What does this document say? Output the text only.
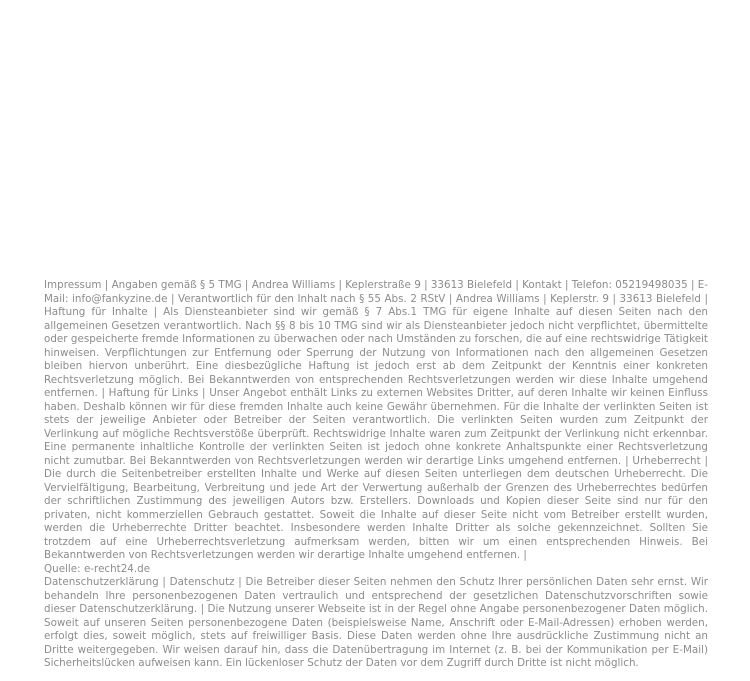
Impressum | Angaben gemäß § 5 TMG | Andrea Williams | Keplerstraße 9 | 33613 Bielefeld | Kontakt | Telefon: 05219498035 | E-Mail: info@fankyzine.de | Verantwortlich für den Inhalt nach § 55 Abs. 2 RStV | Andrea Williams | Keplerstr. 9 | 33613 Bielefeld | Haftung für Inhalte | Als Diensteanbieter sind wir gemäß § 7 Abs.1 TMG für eigene Inhalte auf diesen Seiten nach den allgemeinen Gesetzen verantwortlich. Nach §§ 8 bis 10 TMG sind wir als Diensteanbieter jedoch nicht verpflichtet, übermittelte oder gespeicherte fremde Informationen zu überwachen oder nach Umständen zu forschen, die auf eine rechtswidrige Tätigkeit hinweisen. Verpflichtungen zur Entfernung oder Sperrung der Nutzung von Informationen nach den allgemeinen Gesetzen bleiben hiervon unberührt. Eine diesbezügliche Haftung ist jedoch erst ab dem Zeitpunkt der Kenntnis einer konkreten Rechtsverletzung möglich. Bei Bekanntwerden von entsprechenden Rechtsverletzungen werden wir diese Inhalte umgehend entfernen. | Haftung für Links | Unser Angebot enthält Links zu externen Websites Dritter, auf deren Inhalte wir keinen Einfluss haben. Deshalb können wir für diese fremden Inhalte auch keine Gewähr übernehmen. Für die Inhalte der verlinkten Seiten ist stets der jeweilige Anbieter oder Betreiber der Seiten verantwortlich. Die verlinkten Seiten wurden zum Zeitpunkt der Verlinkung auf mögliche Rechtsverstöße überprüft. Rechtswidrige Inhalte waren zum Zeitpunkt der Verlinkung nicht erkennbar. Eine permanente inhaltliche Kontrolle der verlinkten Seiten ist jedoch ohne konkrete Anhaltspunkte einer Rechtsverletzung nicht zumutbar. Bei Bekanntwerden von Rechtsverletzungen werden wir derartige Links umgehend entfernen. | Urheberrecht | Die durch die Seitenbetreiber erstellten Inhalte und Werke auf diesen Seiten unterliegen dem deutschen Urheberrecht. Die Vervielfältigung, Bearbeitung, Verbreitung und jede Art der Verwertung außerhalb der Grenzen des Urheberrechtes bedürfen der schriftlichen Zustimmung des jeweiligen Autors bzw. Erstellers. Downloads und Kopien dieser Seite sind nur für den privaten, nicht kommerziellen Gebrauch gestattet. Soweit die Inhalte auf dieser Seite nicht vom Betreiber erstellt wurden, werden die Urheberrechte Dritter beachtet. Insbesondere werden Inhalte Dritter als solche gekennzeichnet. Sollten Sie trotzdem auf eine Urheberrechtsverletzung aufmerksam werden, bitten wir um einen entsprechenden Hinweis. Bei Bekanntwerden von Rechtsverletzungen werden wir derartige Inhalte umgehend entfernen. |

Quelle: e-recht24.de

Datenschutzerklärung | Datenschutz | Die Betreiber dieser Seiten nehmen den Schutz Ihrer persönlichen Daten sehr ernst. Wir behandeln Ihre personenbezogenen Daten vertraulich und entsprechend der gesetzlichen Datenschutzvorschriften sowie dieser Datenschutzerklärung. | Die Nutzung unserer Webseite ist in der Regel ohne Angabe personenbezogener Daten möglich. Soweit auf unseren Seiten personenbezogene Daten (beispielsweise Name, Anschrift oder E-Mail-Adressen) erhoben werden, erfolgt dies, soweit möglich, stets auf freiwilliger Basis. Diese Daten werden ohne Ihre ausdrückliche Zustimmung nicht an Dritte weitergegeben. Wir weisen darauf hin, dass die Datenübertragung im Internet (z. B. bei der Kommunikation per E-Mail) Sicherheitslücken aufweisen kann. Ein lückenloser Schutz der Daten vor dem Zugriff durch Dritte ist nicht möglich.
